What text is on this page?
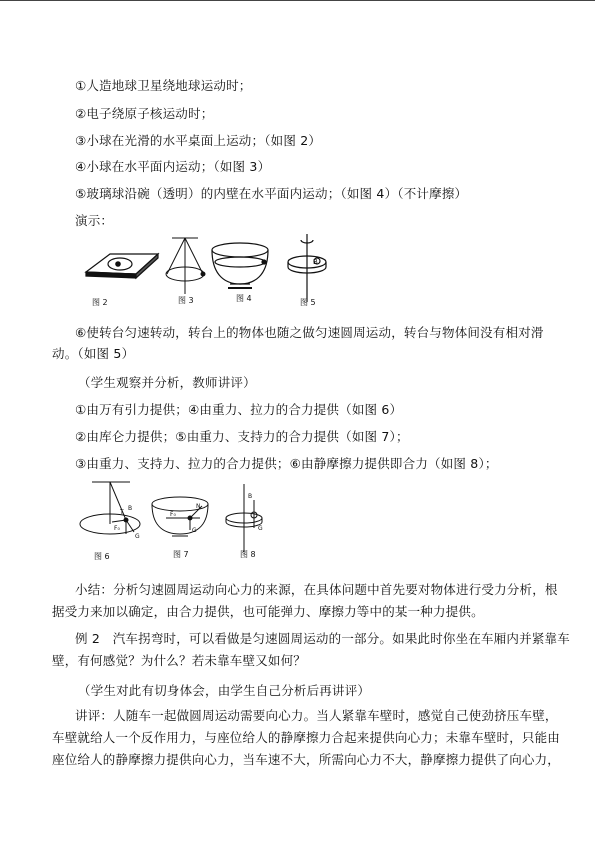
①人造地球卫星绕地球运动时；
②电子绕原子核运动时；
③小球在光滑的水平桌面上运动；（如图 2）
④小球在水平面内运动；（如图 3）
⑤玻璃球沿碗（透明）的内壁在水平面内运动；（如图 4）（不计摩擦）
演示：
B
图 2	图 3	图 4	图 5
⑥使转台匀速转动，转台上的物体也随之做匀速圆周运动，转台与物体间没有相对滑
动。（如图 5）
（学生观察并分析，教师讲评）
①由万有引力提供；④由重力、拉力的合力提供（如图 6）
②由库仑力提供；⑤由重力、支持力的合力提供（如图 7）；
③由重力、支持力、拉力的合力提供；⑥由静摩擦力提供即合力（如图 8）；
B
T
F₀
G
F₀
N
G
B
G
图 6	图 7	图 8
小结：分析匀速圆周运动向心力的来源，在具体问题中首先要对物体进行受力分析，根
据受力来加以确定，由合力提供，也可能弹力、摩擦力等中的某一种力提供。
例 2　汽车拐弯时，可以看做是匀速圆周运动的一部分。如果此时你坐在车厢内并紧靠车
壁，有何感觉？为什么？若未靠车壁又如何？
（学生对此有切身体会，由学生自己分析后再讲评）
讲评：人随车一起做圆周运动需要向心力。当人紧靠车壁时，感觉自己使劲挤压车壁，
车壁就给人一个反作用力，与座位给人的静摩擦力合起来提供向心力；未靠车壁时，只能由
座位给人的静摩擦力提供向心力，当车速不大，所需向心力不大，静摩擦力提供了向心力，
